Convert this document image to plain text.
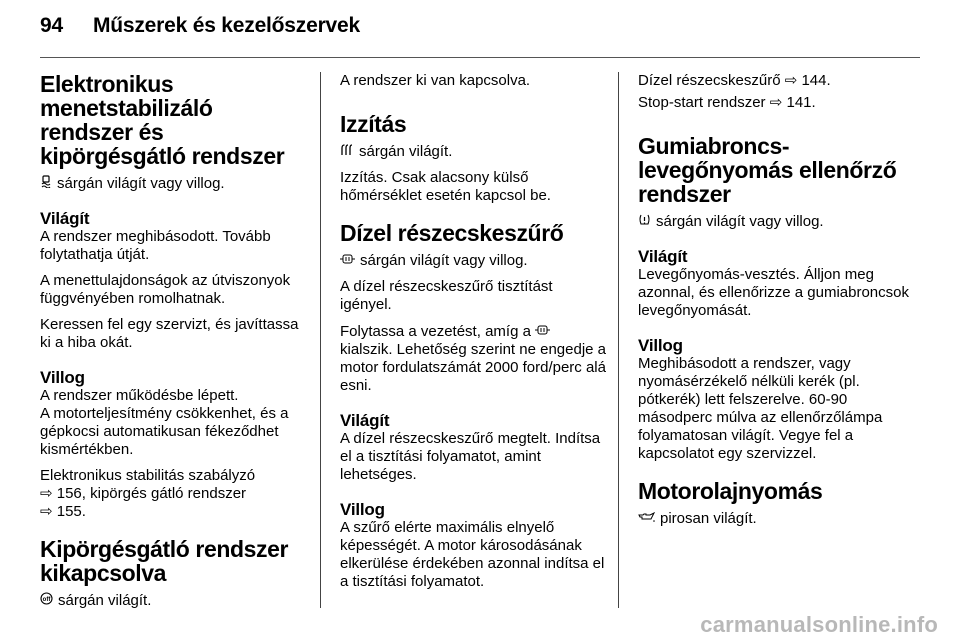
94 Műszerek és kezelőszervek
Elektronikus menetstabilizáló rendszer és kipörgésgátló rendszer

sárgán világít vagy villog.

Világít

A rendszer meghibásodott. Tovább folytathatja útját.

A menettulajdonságok az útviszonyok függvényében romolhatnak.

Keressen fel egy szervizt, és javíttassa ki a hiba okát.

Villog
A rendszer működésbe lépett.

A motorteljesítmény csökkenhet, és a gépkocsi automatikusan fékeződhet kismértékben.

Elektronikus stabilitás szabályzó
⇨ 156, kipörgés gátló rendszer

⇨ 155.

Kipörgésgátló rendszer kikapcsolva

off sárgán világít.

A rendszer ki van kapcsolva.

Izzítás

sárgán világít.

Izzítás. Csak alacsony külső hőmérséklet esetén kapcsol be.

Dízel részecskeszűrő

sárgán világít vagy villog.

A dízel részecskeszűrő tisztítást igényel.

Folytassa a vezetést, amíg a  kialszik. Lehetőség szerint ne engedje a motor fordulatszámát 2000 ford/perc alá esni.

Világít

A dízel részecskeszűrő megtelt. Indítsa el a tisztítási folyamatot, amint lehetséges.

Villog

A szűrő elérte maximális elnyelő képességét. A motor károsodásának elkerülése érdekében azonnal indítsa el a tisztítási folyamatot.

Dízel részecskeszűrő ⇨ 144.

Stop-start rendszer ⇨ 141.

Gumiabroncs-levegőnyomás ellenőrző rendszer

sárgán világít vagy villog.

Világít

Levegőnyomás-vesztés. Álljon meg azonnal, és ellenőrizze a gumiabroncsok levegőnyomását.

Villog

Meghibásodott a rendszer, vagy nyomásérzékelő nélküli kerék (pl. pótkerék) lett felszerelve. 60-90 másodperc múlva az ellenőrzőlámpa folyamatosan világít. Vegye fel a kapcsolatot egy szervizzel.

Motorolajnyomás

pirosan világít.

carmanualsonline.info
